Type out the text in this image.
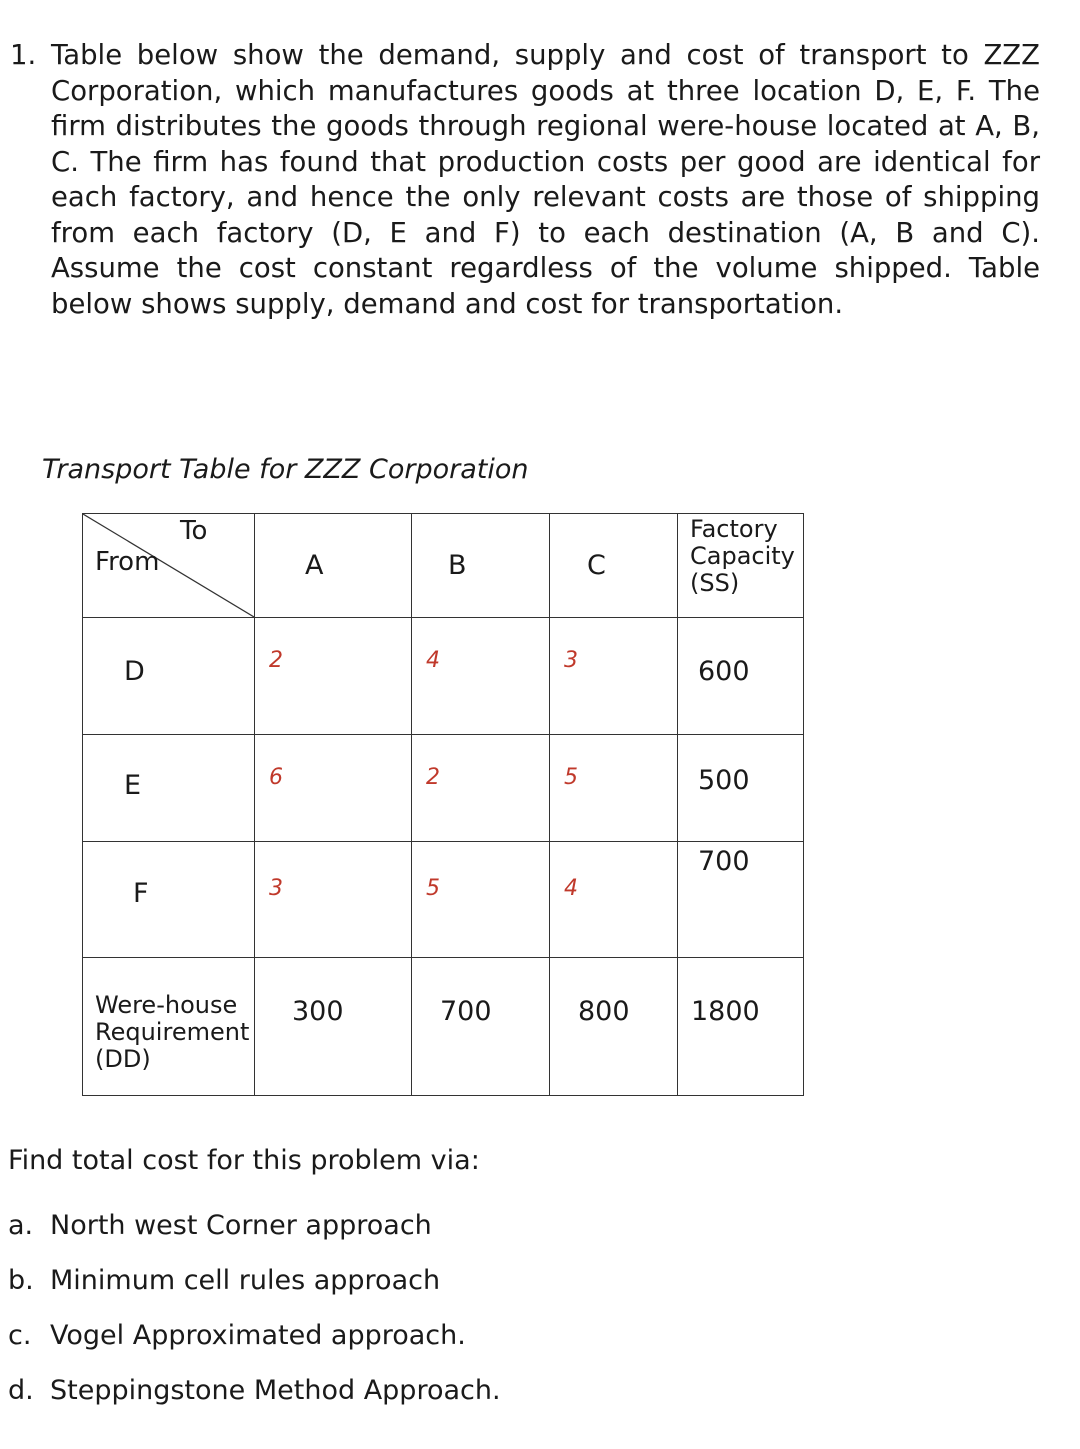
1. Table below show the demand, supply and cost of transport to ZZZ Corporation, which manufactures goods at three location D, E, F. The firm distributes the goods through regional were-house located at A, B, C. The firm has found that production costs per good are identical for each factory, and hence the only relevant costs are those of shipping from each factory (D, E and F) to each destination (A, B and C). Assume the cost constant regardless of the volume shipped. Table below shows supply, demand and cost for transportation.
Transport Table for ZZZ Corporation
To
From	A	B	C	Factory Capacity (SS)

D	2	4	3	600

E	6	2	5	500

F	3	5	4	700

Were-house Requirement (DD)	300	700	800	1800
Find total cost for this problem via:
a. North west Corner approach
b. Minimum cell rules approach
c. Vogel Approximated approach.
d. Steppingstone Method Approach.
